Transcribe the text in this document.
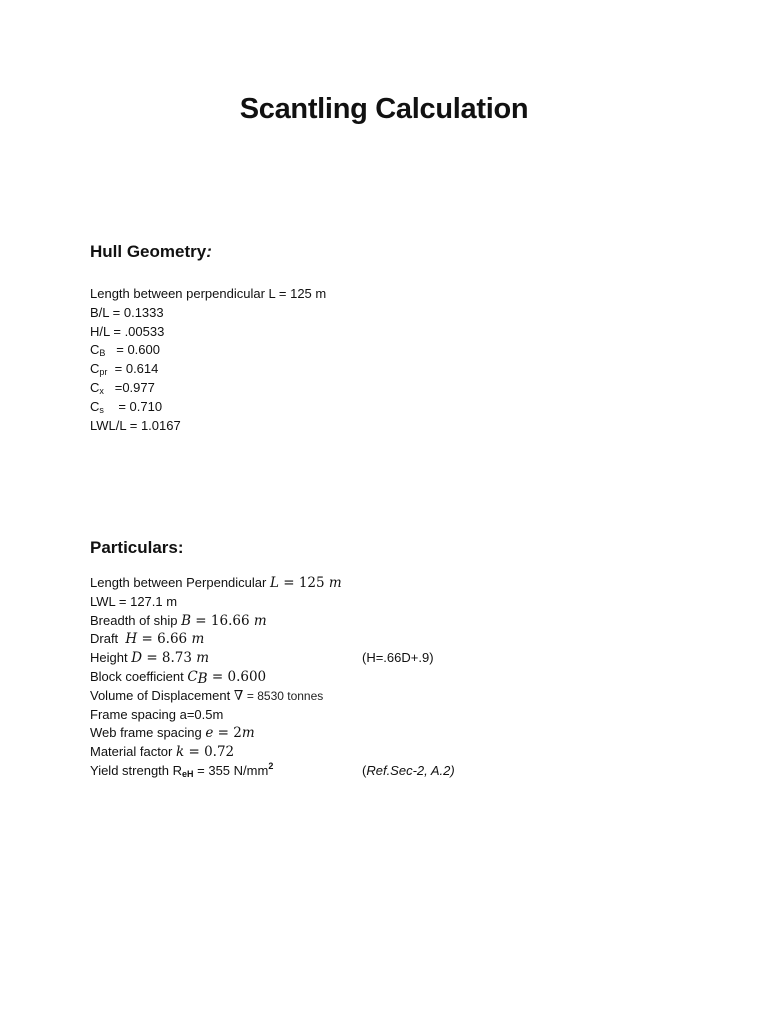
Scantling Calculation
Hull Geometry:
Length between perpendicular L = 125 m
B/L = 0.1333
H/L = .00533
$C_B = 0.600$
$C_{pr} = 0.614$
$C_x =0.977$
$C_s = 0.710$
LWL/L = 1.0167
Particulars:
Length between Perpendicular L = 125 m
LWL = 127.1 m
Breadth of ship B = 16.66 m
Draft H = 6.66 m
Height D = 8.73 m	(H=.66D+.9)
Block coefficient $C_B = 0.600$
Volume of Displacement ∇ = 8530 tonnes
Frame spacing a=0.5m
Web frame spacing e = 2m
Material factor k = 0.72
Yield strength $R_{eH} = 355$ $N/mm^2$	(Ref.Sec-2, A.2)
